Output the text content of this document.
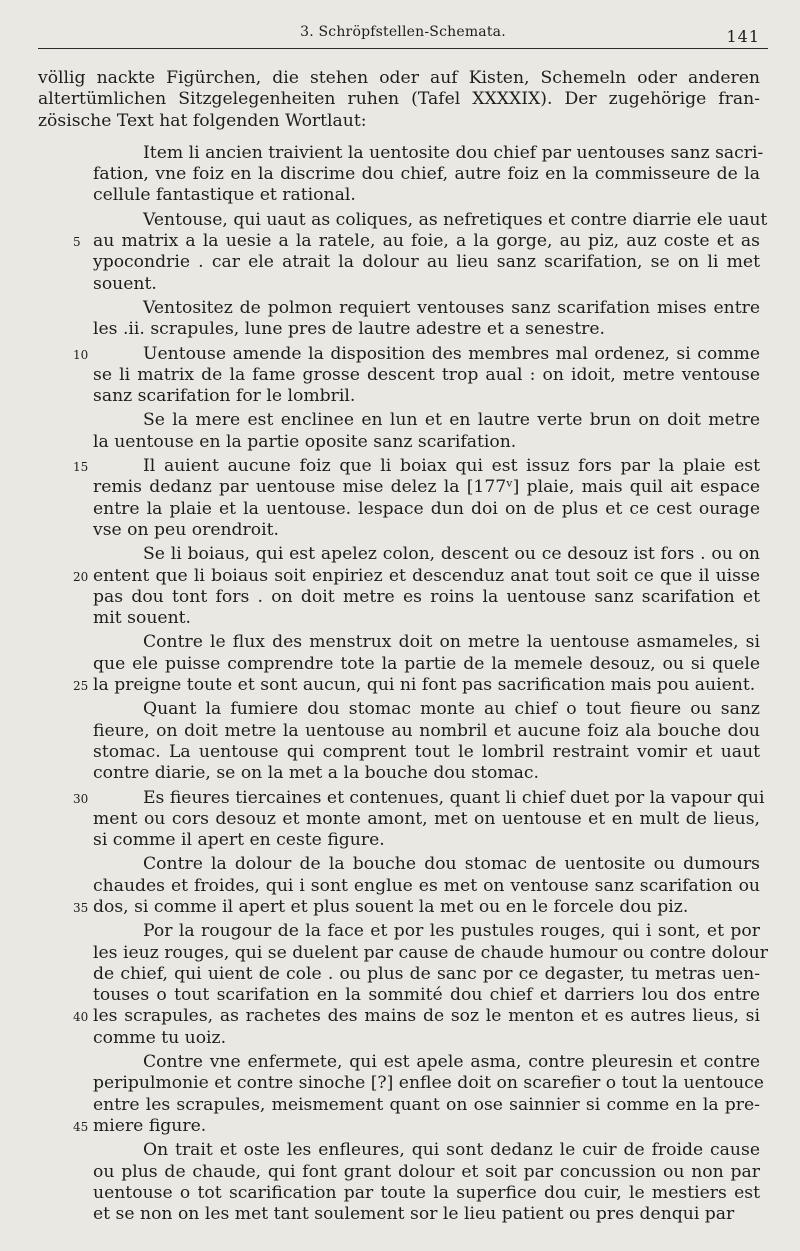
3. Schröpfstellen-Schemata.	141
völlig nackte Figürchen, die stehen oder auf Kisten, Schemeln oder anderen
altertümlichen Sitzgelegenheiten ruhen (Tafel XXXXIX). Der zugehörige fran-
zösische Text hat folgenden Wortlaut:
Item li ancien traivient la uentosite dou chief par uentouses sanz sacri-
fation, vne foiz en la discrime dou chief, autre foiz en la commisseure de la
cellule fantastique et rational.
Ventouse, qui uaut as coliques, as nefretiques et contre diarrie ele uaut
5 au matrix a la uesie a la ratele, au foie, a la gorge, au piz, auz coste et as
ypocondrie . car ele atrait la dolour au lieu sanz scarifation, se on li met
souent.
Ventositez de polmon requiert ventouses sanz scarifation mises entre
les .ii. scrapules, lune pres de lautre adestre et a senestre.
10	Uentouse amende la disposition des membres mal ordenez, si comme
se li matrix de la fame grosse descent trop aual : on idoit, metre ventouse
sanz scarifation for le lombril.
Se la mere est enclinee en lun et en lautre verte brun on doit metre
la uentouse en la partie oposite sanz scarifation.
15	Il auient aucune foiz que li boiax qui est issuz fors par la plaie est
remis dedanz par uentouse mise delez la [177ᵛ] plaie, mais quil ait espace
entre la plaie et la uentouse. lespace dun doi on de plus et ce cest ourage
vse on peu orendroit.
Se li boiaus, qui est apelez colon, descent ou ce desouz ist fors . ou on
20 entent que li boiaus soit enpiriez et descenduz anat tout soit ce que il uisse
pas dou tont fors . on doit metre es roins la uentouse sanz scarifation et
mit souent.
Contre le flux des menstrux doit on metre la uentouse asmameles, si
que ele puisse comprendre tote la partie de la memele desouz, ou si quele
25 la preigne toute et sont aucun, qui ni font pas sacrification mais pou auient.
Quant la fumiere dou stomac monte au chief o tout fieure ou sanz
fieure, on doit metre la uentouse au nombril et aucune foiz ala bouche dou
stomac. La uentouse qui comprent tout le lombril restraint vomir et uaut
contre diarie, se on la met a la bouche dou stomac.
30	Es fieures tiercaines et contenues, quant li chief duet por la vapour qui
ment ou cors desouz et monte amont, met on uentouse et en mult de lieus,
si comme il apert en ceste figure.
Contre la dolour de la bouche dou stomac de uentosite ou dumours
chaudes et froides, qui i sont englue es met on ventouse sanz scarifation ou
35 dos, si comme il apert et plus souent la met ou en le forcele dou piz.
Por la rougour de la face et por les pustules rouges, qui i sont, et por
les ieuz rouges, qui se duelent par cause de chaude humour ou contre dolour
de chief, qui uient de cole . ou plus de sanc por ce degaster, tu metras uen-
touses o tout scarifation en la sommité dou chief et darriers lou dos entre
40 les scrapules, as rachetes des mains de soz le menton et es autres lieus, si
comme tu uoiz.
Contre vne enfermete, qui est apele asma, contre pleuresin et contre
peripulmonie et contre sinoche [?] enflee doit on scarefier o tout la uentouce
entre les scrapules, meismement quant on ose sainnier si comme en la pre-
45 miere figure.
On trait et oste les enfleures, qui sont dedanz le cuir de froide cause
ou plus de chaude, qui font grant dolour et soit par concussion ou non par
uentouse o tot scarification par toute la superfice dou cuir, le mestiers est
et se non on les met tant soulement sor le lieu patient ou pres denqui par
